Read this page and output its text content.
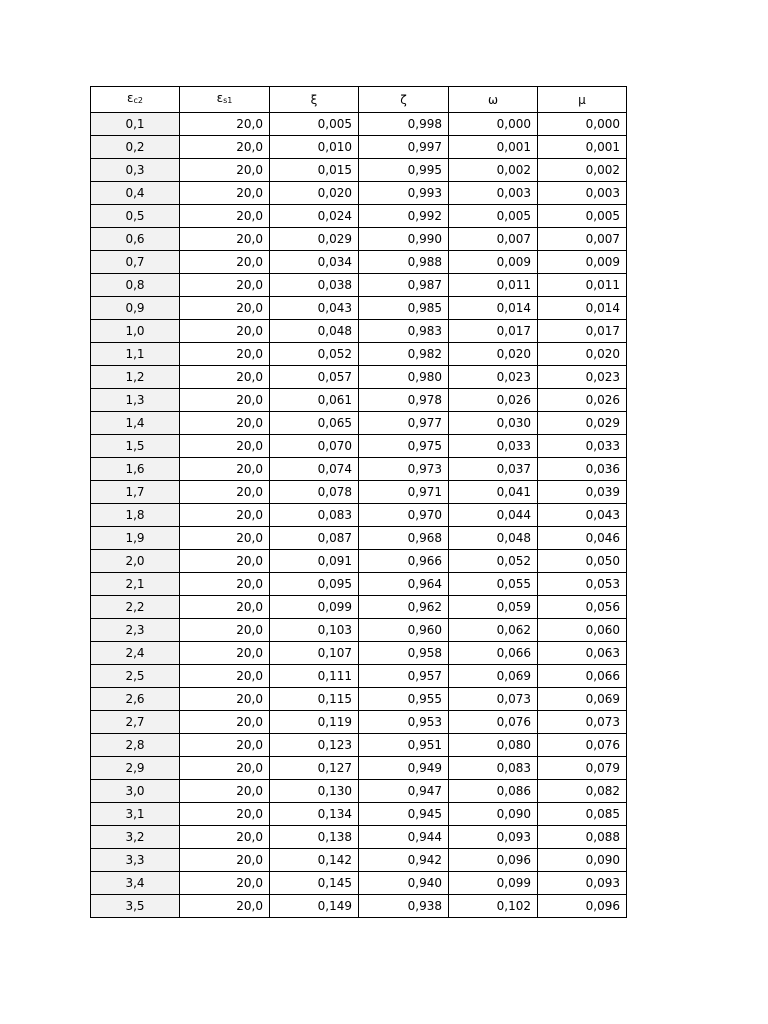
εc2	εs1	ξ	ζ	ω	μ
0,1	20,0	0,005	0,998	0,000	0,000
0,2	20,0	0,010	0,997	0,001	0,001
0,3	20,0	0,015	0,995	0,002	0,002
0,4	20,0	0,020	0,993	0,003	0,003
0,5	20,0	0,024	0,992	0,005	0,005
0,6	20,0	0,029	0,990	0,007	0,007
0,7	20,0	0,034	0,988	0,009	0,009
0,8	20,0	0,038	0,987	0,011	0,011
0,9	20,0	0,043	0,985	0,014	0,014
1,0	20,0	0,048	0,983	0,017	0,017
1,1	20,0	0,052	0,982	0,020	0,020
1,2	20,0	0,057	0,980	0,023	0,023
1,3	20,0	0,061	0,978	0,026	0,026
1,4	20,0	0,065	0,977	0,030	0,029
1,5	20,0	0,070	0,975	0,033	0,033
1,6	20,0	0,074	0,973	0,037	0,036
1,7	20,0	0,078	0,971	0,041	0,039
1,8	20,0	0,083	0,970	0,044	0,043
1,9	20,0	0,087	0,968	0,048	0,046
2,0	20,0	0,091	0,966	0,052	0,050
2,1	20,0	0,095	0,964	0,055	0,053
2,2	20,0	0,099	0,962	0,059	0,056
2,3	20,0	0,103	0,960	0,062	0,060
2,4	20,0	0,107	0,958	0,066	0,063
2,5	20,0	0,111	0,957	0,069	0,066
2,6	20,0	0,115	0,955	0,073	0,069
2,7	20,0	0,119	0,953	0,076	0,073
2,8	20,0	0,123	0,951	0,080	0,076
2,9	20,0	0,127	0,949	0,083	0,079
3,0	20,0	0,130	0,947	0,086	0,082
3,1	20,0	0,134	0,945	0,090	0,085
3,2	20,0	0,138	0,944	0,093	0,088
3,3	20,0	0,142	0,942	0,096	0,090
3,4	20,0	0,145	0,940	0,099	0,093
3,5	20,0	0,149	0,938	0,102	0,096
